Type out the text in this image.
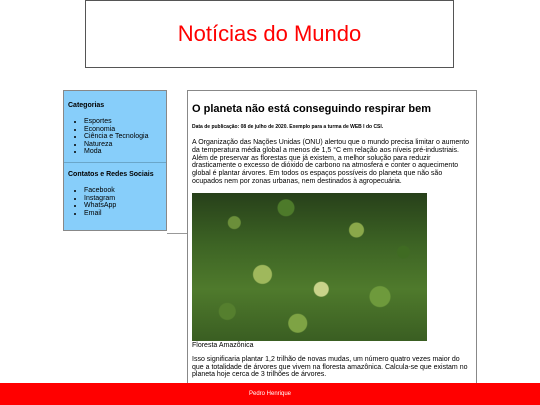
Notícias do Mundo
Categorias
• Esportes
• Economia
• Ciência e Tecnologia
• Natureza
• Moda
Contatos e Redes Sociais
• Facebook
• Instagram
• WhatsApp
• Email
O planeta não está conseguindo respirar bem

Data de publicação: 08 de julho de 2020. Exemplo para a turma de WEB I do CSI.

A Organização das Nações Unidas (ONU) alertou que o mundo precisa limitar o aumento da temperatura média global a menos de 1,5 °C em relação aos níveis pré-industriais. Além de preservar as florestas que já existem, a melhor solução para reduzir drasticamente o excesso de dióxido de carbono na atmosfera e conter o aquecimento global é plantar árvores. Em todos os espaços possíveis do planeta que não são ocupados nem por zonas urbanas, nem destinados à agropecuária.

Floresta Amazônica

Isso significaria plantar 1,2 trilhão de novas mudas, um número quatro vezes maior do que a totalidade de árvores que vivem na floresta amazônica. Calcula-se que existam no planeta hoje cerca de 3 trilhões de árvores.

Pedro Henrique
